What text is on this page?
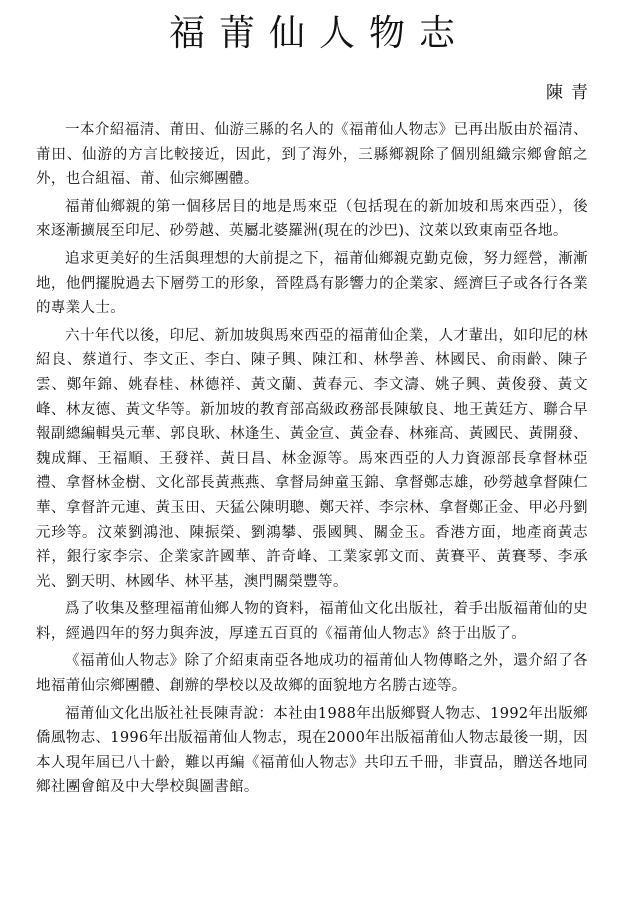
福莆仙人物志
陳青

一本介紹福清、莆田、仙游三縣的名人的《福莆仙人物志》已再出版由於福清、莆田、仙游的方言比較接近，因此，到了海外，三縣鄉親除了個別組織宗鄉會館之外，也合組福、莆、仙宗鄉團體。

福莆仙鄉親的第一個移居目的地是馬來亞（包括現在的新加坡和馬來西亞），後來逐漸擴展至印尼、砂勞越、英屬北婆羅洲(現在的沙巴)、汶萊以致東南亞各地。

追求更美好的生活與理想的大前提之下，福莆仙鄉親克勤克儉，努力經營，漸漸地，他們擺脫過去下層勞工的形象，晉陞爲有影響力的企業家、經濟巨子或各行各業的專業人士。

六十年代以後，印尼、新加坡與馬來西亞的福莆仙企業，人才輩出，如印尼的林紹良、蔡道行、李文正、李白、陳子興、陳江和、林學善、林國民、俞雨齡、陳子雲、鄭年錦、姚春桂、林德祥、黃文蘭、黃春元、李文濤、姚子興、黃俊發、黃文峰、林友德、黃文华等。新加坡的教育部高級政務部長陳敏良、地王黃廷方、聯合早報副總編輯吳元華、郭良耿、林逢生、黃金宣、黃金春、林雍高、黃國民、黃開發、魏成輝、王福順、王發祥、黃日昌、林金源等。馬來西亞的人力資源部長拿督林亞禮、拿督林金樹、文化部長黃燕燕、拿督局紳童玉錦、拿督鄭志雄，砂勞越拿督陳仁華、拿督許元連、黃玉田、天猛公陳明聰、鄭天祥、李宗林、拿督鄭正金、甲必丹劉元珍等。汶萊劉鴻池、陳振榮、劉鴻攀、張國興、關金玉。香港方面，地產商黃志祥，銀行家李宗、企業家許國華、許奇峰、工業家郭文而、黃賽平、黃賽琴、李承光、劉天明、林國华、林平基，澳門關榮豐等。

爲了收集及整理福莆仙鄉人物的資料，福莆仙文化出版社，着手出版福莆仙的史料，經過四年的努力與奔波，厚達五百頁的《福莆仙人物志》終于出版了。

《福莆仙人物志》除了介紹東南亞各地成功的福莆仙人物傳略之外，還介紹了各地福莆仙宗鄉團體、創辦的學校以及故鄉的面貌地方名勝古迹等。

福莆仙文化出版社社長陳青說：本社由1988年出版鄉賢人物志、1992年出版鄉僑風物志、1996年出版福莆仙人物志，現在2000年出版福莆仙人物志最後一期，因本人現年屆已八十齡，難以再編《福莆仙人物志》共印五千冊，非賣品，贈送各地同鄉社團會館及中大學校與圖書館。
